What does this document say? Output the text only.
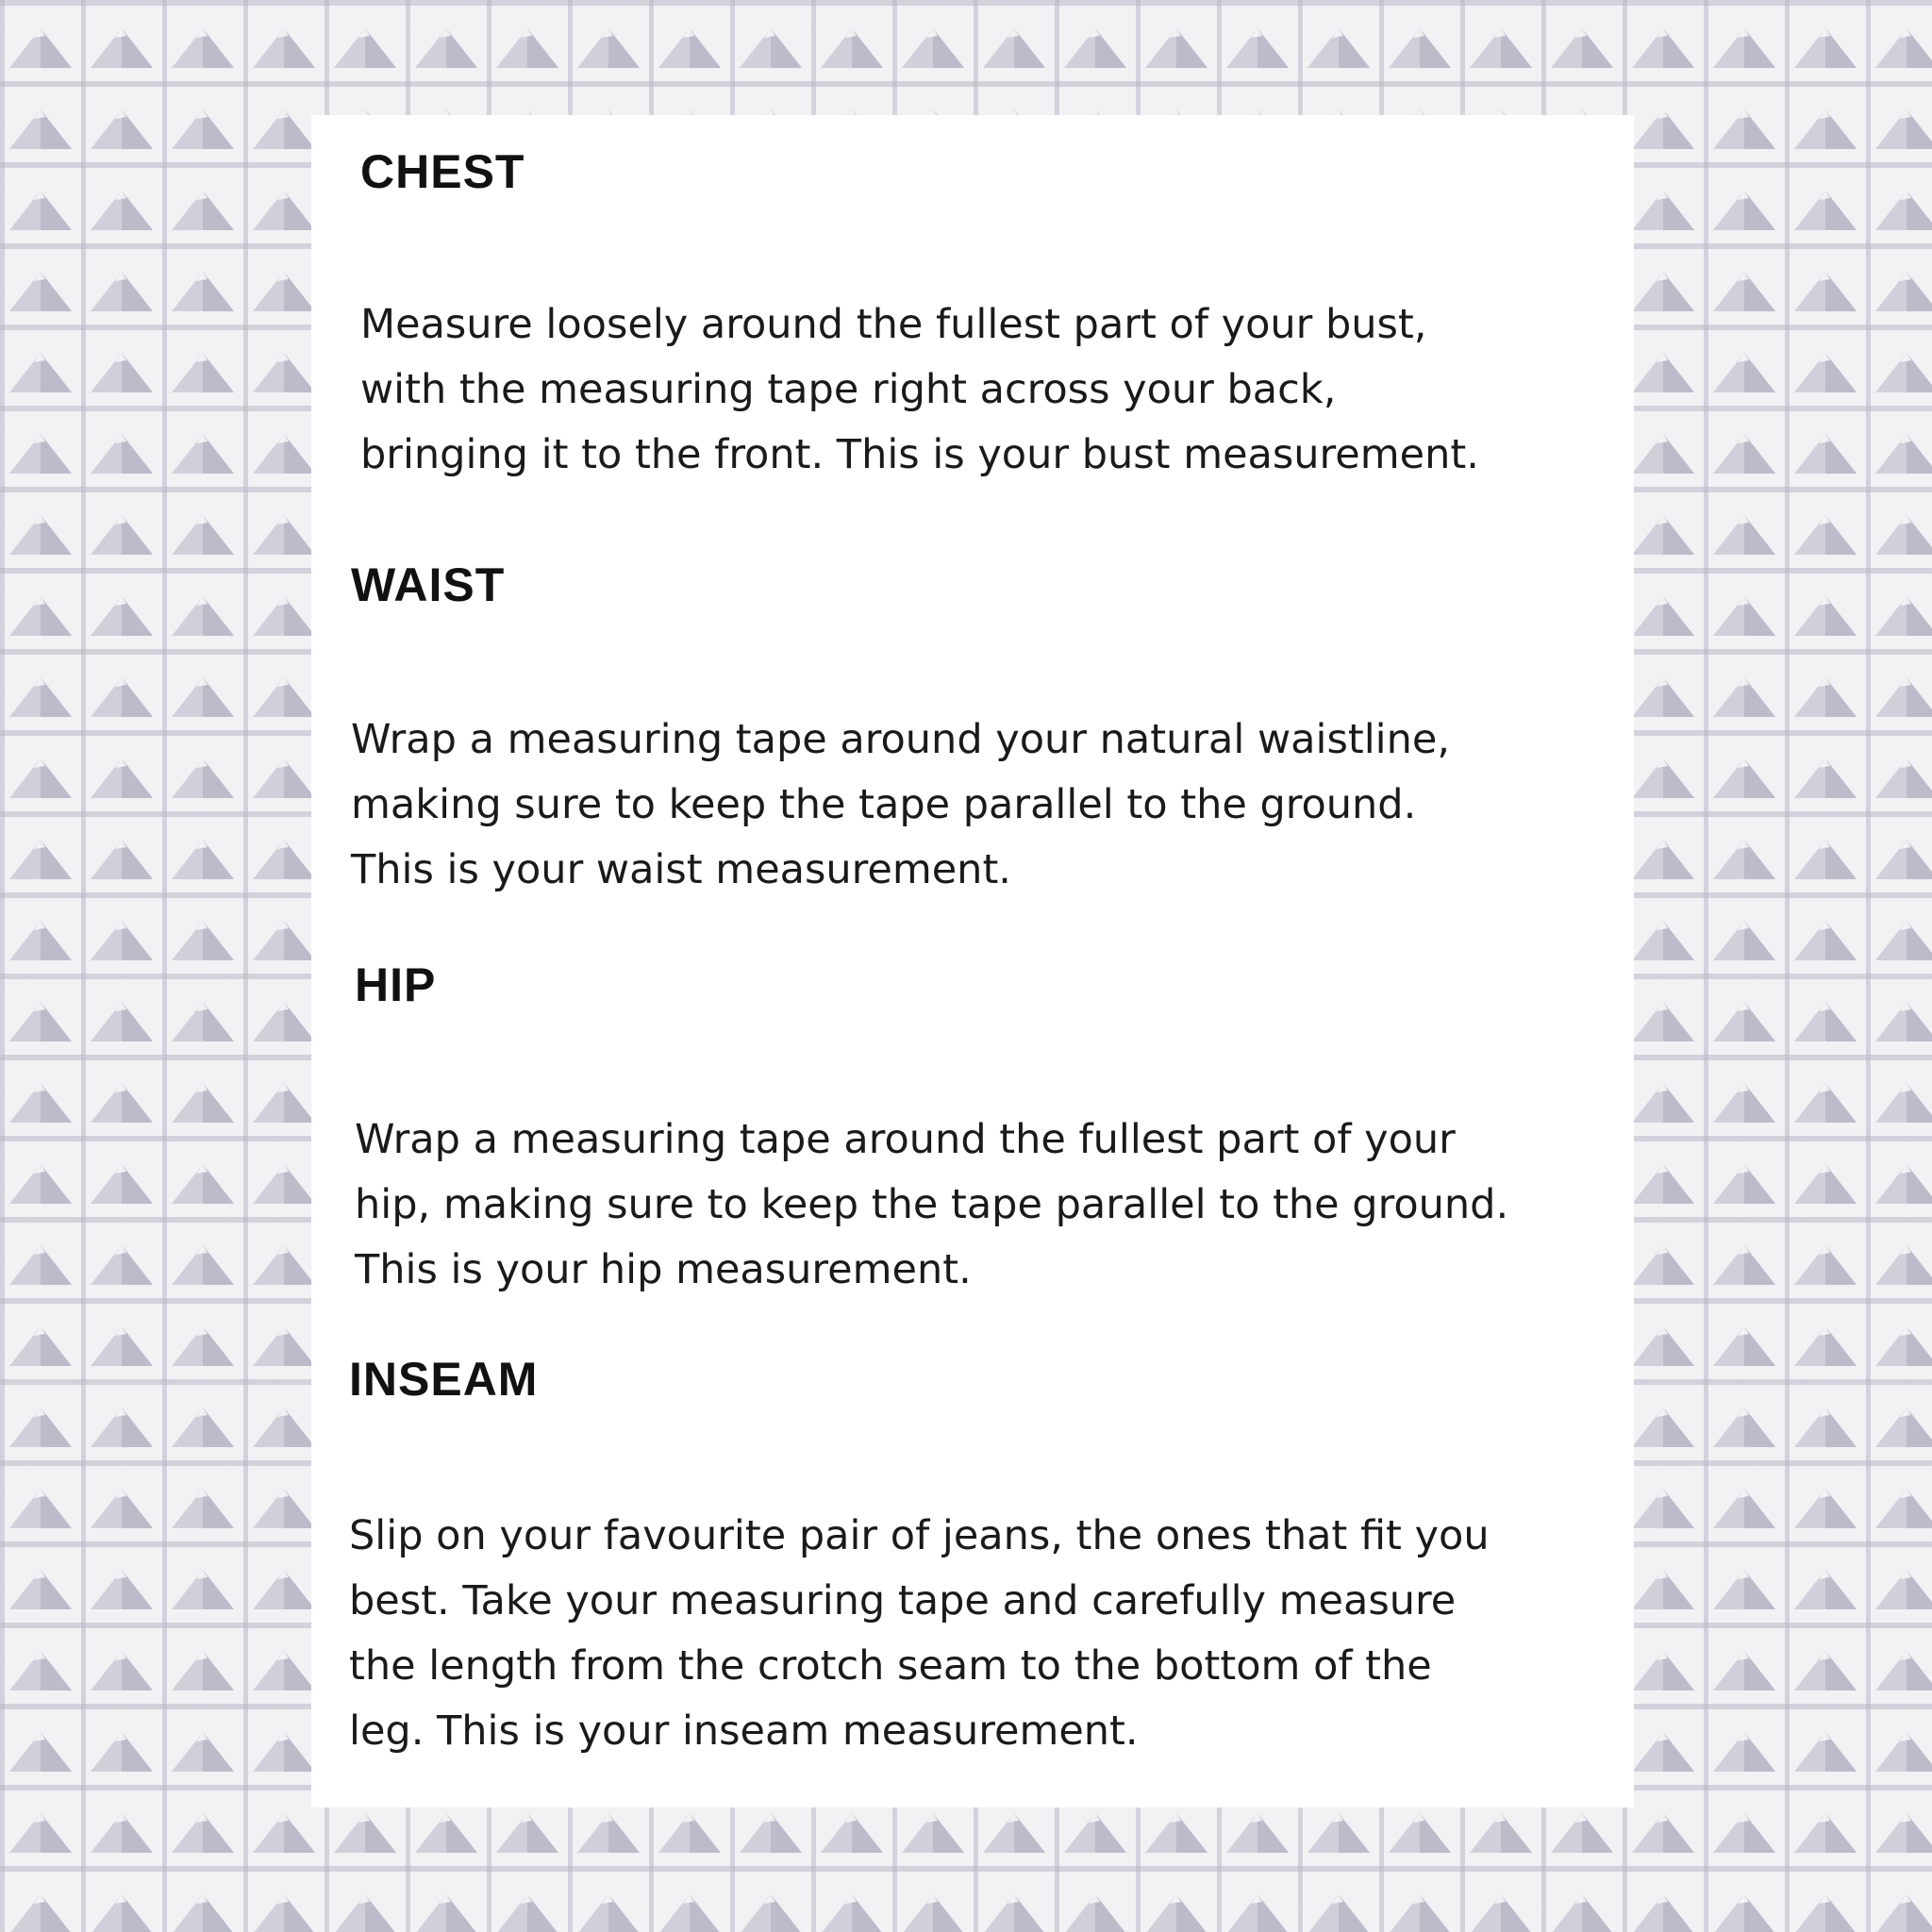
CHEST

Measure loosely around the fullest part of your bust,
with the measuring tape right across your back,
bringing it to the front. This is your bust measurement.

WAIST

Wrap a measuring tape around your natural waistline,
making sure to keep the tape parallel to the ground.
This is your waist measurement.

HIP

Wrap a measuring tape around the fullest part of your
hip, making sure to keep the tape parallel to the ground.
This is your hip measurement.

INSEAM

Slip on your favourite pair of jeans, the ones that fit you
best. Take your measuring tape and carefully measure
the length from the crotch seam to the bottom of the
leg. This is your inseam measurement.
